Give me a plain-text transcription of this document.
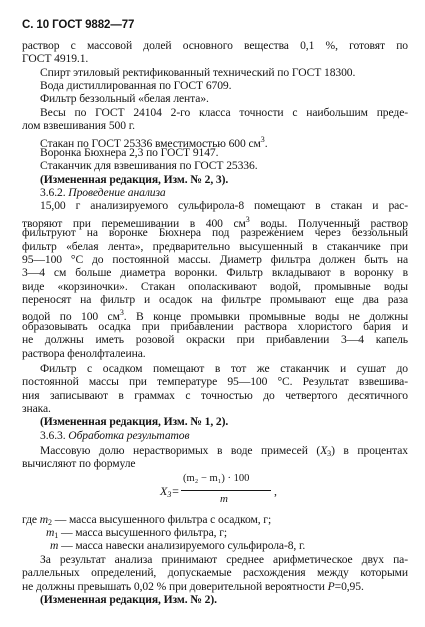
С. 10 ГОСТ 9882—77
раствор с массовой долей основного вещества 0,1 %, готовят по
ГОСТ 4919.1.
Спирт этиловый ректификованный технический по ГОСТ 18300.
Вода дистиллированная по ГОСТ 6709.
Фильтр беззольный «белая лента».
Весы по ГОСТ 24104 2-го класса точности с наибольшим преде-
лом взвешивания 500 г.
Стакан по ГОСТ 25336 вместимостью 600 $см^3$.
Воронка Бюхнера 2,3 по ГОСТ 9147.
Стаканчик для взвешивания по ГОСТ 25336.
(Измененная редакция, Изм. № 2, 3).
3.6.2. Проведение анализа
15,00 г анализируемого сульфирола-8 помещают в стакан и рас-
творяют при перемешивании в 400 $см^3$ воды. Полученный раствор
фильтруют на воронке Бюхнера под разрежением через беззольный
фильтр «белая лента», предварительно высушенный в стаканчике при
95—100 °С до постоянной массы. Диаметр фильтра должен быть на
3—4 см больше диаметра воронки. Фильтр вкладывают в воронку в
виде «корзиночки». Стакан ополаскивают водой, промывные воды
переносят на фильтр и осадок на фильтре промывают еще два раза
водой по 100 $см^3$. В конце промывки промывные воды не должны
образовывать осадка при прибавлении раствора хлористого бария и
не должны иметь розовой окраски при прибавлении 3—4 капель
раствора фенолфталеина.
Фильтр с осадком помещают в тот же стаканчик и сушат до
постоянной массы при температуре 95—100 °С. Результат взвешива-
ния записывают в граммах с точностью до четвертого десятичного
знака.
(Измененная редакция, Изм. № 1, 2).
3.6.3. Обработка результатов
Массовую долю нерастворимых в воде примесей $(X_3)$ в процентах
вычисляют по формуле
$X_3=$
(m₂ − m₁) · 100
m
,
где $m_2$ — масса высушенного фильтра с осадком, г;
$m_1$ — масса высушенного фильтра, г;
m — масса навески анализируемого сульфирола-8, г.
За результат анализа принимают среднее арифметическое двух па-
раллельных определений, допускаемые расхождения между которыми
не должны превышать 0,02 % при доверительной вероятности Р=0,95.
(Измененная редакция, Изм. № 2).
